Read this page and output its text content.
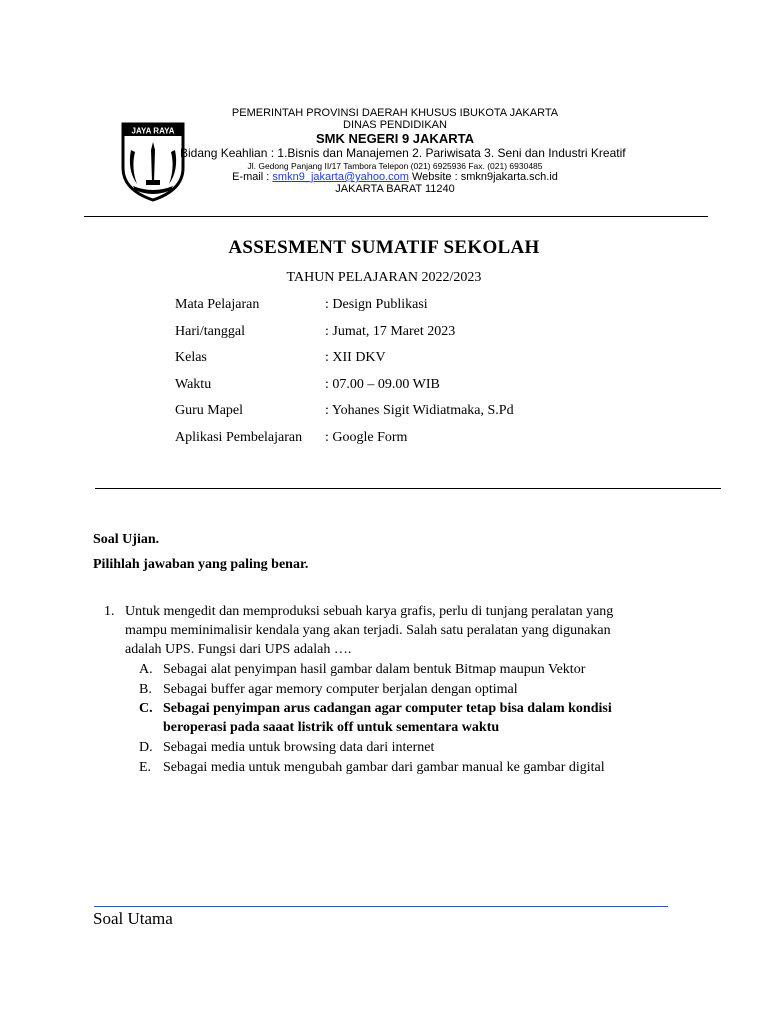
JAYA RAYA
PEMERINTAH PROVINSI DAERAH KHUSUS IBUKOTA JAKARTA
DINAS PENDIDIKAN
SMK NEGERI 9 JAKARTA
Bidang Keahlian : 1.Bisnis dan Manajemen 2. Pariwisata 3. Seni dan Industri Kreatif
Jl. Gedong Panjang II/17 Tambora Telepon (021) 6925936 Fax. (021) 6930485
E-mail : smkn9_jakarta@yahoo.com Website : smkn9jakarta.sch.id
JAKARTA BARAT 11240
ASSESMENT SUMATIF SEKOLAH
TAHUN PELAJARAN 2022/2023
Mata Pelajaran	: Design Publikasi
Hari/tanggal	: Jumat, 17 Maret 2023
Kelas	: XII DKV
Waktu	: 07.00 – 09.00 WIB
Guru Mapel	: Yohanes Sigit Widiatmaka, S.Pd
Aplikasi Pembelajaran	: Google Form
Soal Ujian.
Pilihlah jawaban yang paling benar.
1. Untuk mengedit dan memproduksi sebuah karya grafis, perlu di tunjang peralatan yang
mampu meminimalisir kendala yang akan terjadi. Salah satu peralatan yang digunakan
adalah UPS. Fungsi dari UPS adalah ….
A. Sebagai alat penyimpan hasil gambar dalam bentuk Bitmap maupun Vektor
B. Sebagai buffer agar memory computer berjalan dengan optimal
C. Sebagai penyimpan arus cadangan agar computer tetap bisa dalam kondisi
beroperasi pada saaat listrik off untuk sementara waktu
D. Sebagai media untuk browsing data dari internet
E. Sebagai media untuk mengubah gambar dari gambar manual ke gambar digital
Soal Utama
